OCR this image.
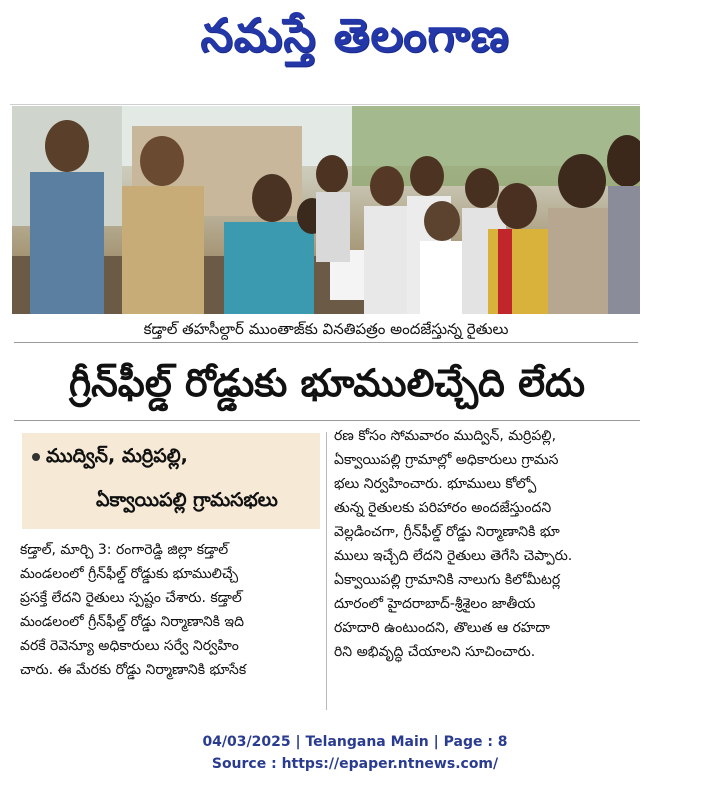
నమస్తే తెలంగాణ
కడ్తాల్ తహసీల్దార్ ముంతాజ్‌కు వినతిపత్రం అందజేస్తున్న రైతులు
గ్రీన్‌ఫీల్డ్ రోడ్డుకు భూములిచ్చేది లేదు
ముద్విన్, మర్రిపల్లి,
ఏక్వాయిపల్లి గ్రామసభలు
కడ్తాల్, మార్చి 3: రంగారెడ్డి జిల్లా కడ్తాల్
మండలంలో గ్రీన్‌ఫీల్డ్ రోడ్డుకు భూములిచ్చే
ప్రసక్తే లేదని రైతులు స్పష్టం చేశారు. కడ్తాల్
మండలంలో గ్రీన్‌ఫీల్డ్ రోడ్డు నిర్మాణానికి ఇది
వరకే రెవెన్యూ అధికారులు సర్వే నిర్వహిం
చారు. ఈ మేరకు రోడ్డు నిర్మాణానికి భూసేక
రణ కోసం సోమవారం ముద్విన్, మర్రిపల్లి,
ఏక్వాయిపల్లి గ్రామాల్లో అధికారులు గ్రామస
భలు నిర్వహించారు. భూములు కోల్పో
తున్న రైతులకు పరిహారం అందజేస్తుందని
వెల్లడించగా, గ్రీన్‌ఫీల్డ్ రోడ్డు నిర్మాణానికి భూ
ములు ఇచ్చేది లేదని రైతులు తెగేసి చెప్పారు.
ఏక్వాయిపల్లి గ్రామానికి నాలుగు కిలోమీటర్ల
దూరంలో హైదరాబాద్-శ్రీశైలం జాతీయ
రహదారి ఉంటుందని, తొలుత ఆ రహదా
రిని అభివృద్ధి చేయాలని సూచించారు.
04/03/2025 | Telangana Main | Page : 8
Source : https://epaper.ntnews.com/
